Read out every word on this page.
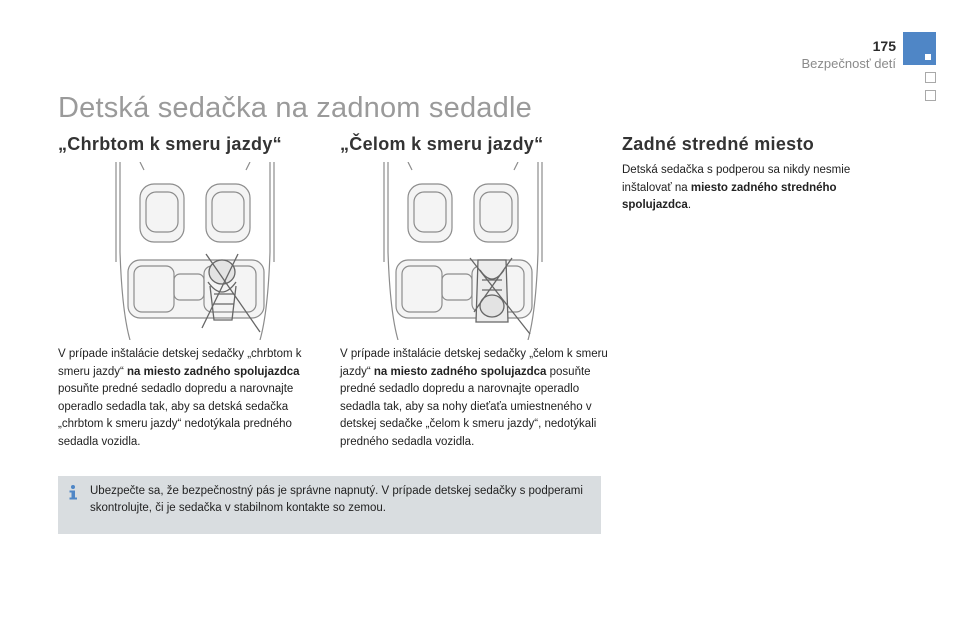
175
Bezpečnosť detí
Detská sedačka na zadnom sedadle
„Chrbtom k smeru jazdy“	„Čelom k smeru jazdy“	Zadné stredné miesto
V prípade inštalácie detskej sedačky „chrbtom k smeru jazdy“ na miesto zadného spolujazdca posuňte predné sedadlo dopredu a narovnajte operadlo sedadla tak, aby sa detská sedačka „chrbtom k smeru jazdy“ nedotýkala predného sedadla vozidla.
V prípade inštalácie detskej sedačky „čelom k smeru jazdy“ na miesto zadného spolujazdca posuňte predné sedadlo dopredu a narovnajte operadlo sedadla tak, aby sa nohy dieťaťa umiestneného v detskej sedačke „čelom k smeru jazdy“, nedotýkali predného sedadla vozidla.
Detská sedačka s podperou sa nikdy nesmie inštalovať na miesto zadného stredného spolujazdca.
Ubezpečte sa, že bezpečnostný pás je správne napnutý. V prípade detskej sedačky s podperami skontrolujte, či je sedačka v stabilnom kontakte so zemou.
